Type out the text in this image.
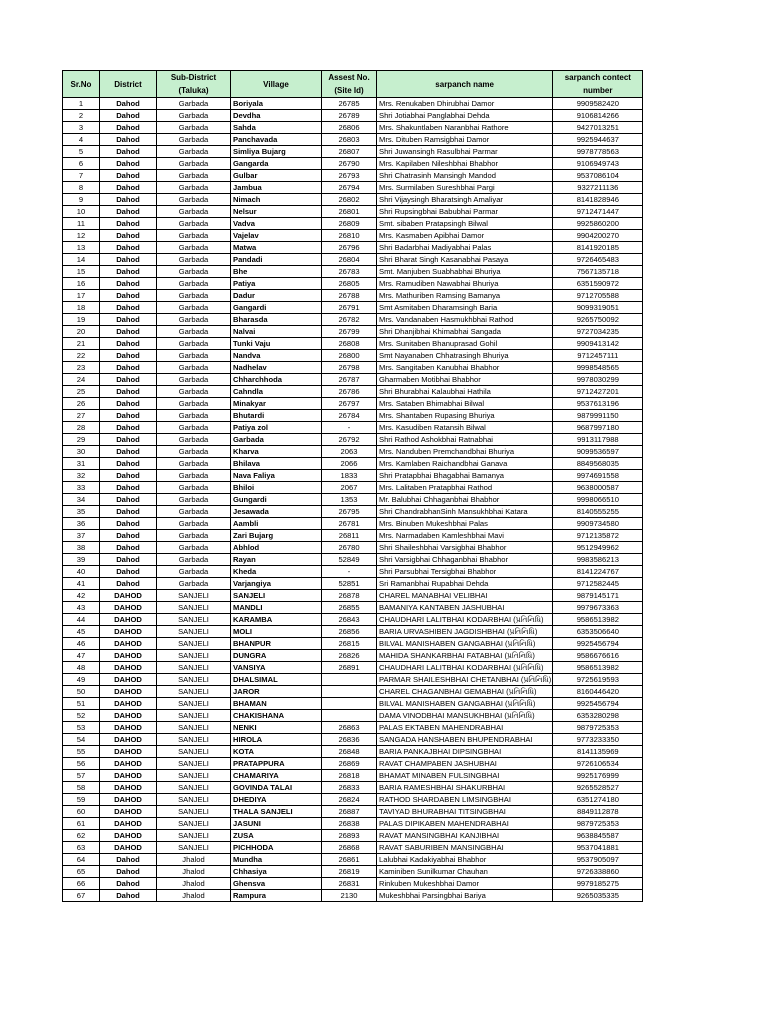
Sr.No	District	Sub-District (Taluka)	Village	Assest No. (Site Id)	sarpanch name	sarpanch contect number
1	Dahod	Garbada	Boriyala	26785	Mrs. Renukaben Dhirubhai Damor	9909582420
2	Dahod	Garbada	Devdha	26789	Shri Jotiabhai Panglabhai Dehda	9106814266
3	Dahod	Garbada	Sahda	26806	Mrs. Shakuntlaben Naranbhai Rathore	9427013251
4	Dahod	Garbada	Panchavada	26803	Mrs. Dituben Ramsigbhai Damor	9925944637
5	Dahod	Garbada	Simliya Bujarg	26807	Shri Juwansingh Rasulbhai Parmar	9978778563
6	Dahod	Garbada	Gangarda	26790	Mrs. Kapilaben Nileshbhai Bhabhor	9106949743
7	Dahod	Garbada	Gulbar	26793	Shri Chatrasinh Mansingh Mandod	9537086104
8	Dahod	Garbada	Jambua	26794	Mrs. Surmilaben Sureshbhai Pargi	9327211136
9	Dahod	Garbada	Nimach	26802	Shri Vijaysingh Bharatsingh Amaliyar	8141828946
10	Dahod	Garbada	Nelsur	26801	Shri Rupsingbhai Babubhai Parmar	9712471447
11	Dahod	Garbada	Vadva	26809	Smt. sibaben Pratapsingh Bilwal	9925860200
12	Dahod	Garbada	Vajelav	26810	Mrs. Kasmaben Apibhai Damor	9904200270
13	Dahod	Garbada	Matwa	26796	Shri Badarbhai Madiyabhai Palas	8141920185
14	Dahod	Garbada	Pandadi	26804	Shri Bharat Singh Kasanabhai Pasaya	9726465483
15	Dahod	Garbada	Bhe	26783	Smt. Manjuben Suabhabhai Bhuriya	7567135718
16	Dahod	Garbada	Patiya	26805	Mrs. Ramudiben Nawabhai Bhuriya	6351590972
17	Dahod	Garbada	Dadur	26788	Mrs. Mathuriben Ramsing Bamanya	9712705588
18	Dahod	Garbada	Gangardi	26791	Smt Asmitaben Dharamsingh Baria	9099319051
19	Dahod	Garbada	Bharasda	26782	Mrs. Vandanaben Hasmukhbhai Rathod	9265750092
20	Dahod	Garbada	Nalvai	26799	Shri Dhanjibhai Khimabhai Sangada	9727034235
21	Dahod	Garbada	Tunki Vaju	26808	Mrs. Sunitaben Bhanuprasad Gohil	9909413142
22	Dahod	Garbada	Nandva	26800	Smt Nayanaben Chhatrasingh Bhuriya	9712457111
23	Dahod	Garbada	Nadhelav	26798	Mrs. Sangitaben Kanubhai Bhabhor	9998548565
24	Dahod	Garbada	Chharchhoda	26787	Gharmaben Motibhai Bhabhor	9978030299
25	Dahod	Garbada	Cahndla	26786	Shri Bhurabhai Kalaubhai Hathila	9712427201
26	Dahod	Garbada	Minakyar	26797	Mrs. Sataben Bhimabhai Bilwal	9537613196
27	Dahod	Garbada	Bhutardi	26784	Mrs. Shantaben Rupasing Bhuriya	9879991150
28	Dahod	Garbada	Patiya zol	-	Mrs. Kasudiben Ratansih Bilwal	9687997180
29	Dahod	Garbada	Garbada	26792	Shri Rathod Ashokbhai Ratnabhai	9913117988
30	Dahod	Garbada	Kharva	2063	Mrs. Nanduben Premchandbhai Bhuriya	9099536597
31	Dahod	Garbada	Bhilava	2066	Mrs. Kamlaben Raichandbhai Ganava	8849568035
32	Dahod	Garbada	Nava Faliya	1833	Shri Pratapbhai Bhagabhai Bamanya	9974691558
33	Dahod	Garbada	Bhiloi	2067	Mrs. Lalitaben Pratapbhai Rathod	9638000587
34	Dahod	Garbada	Gungardi	1353	Mr. Balubhai Chhaganbhai Bhabhor	9998066510
35	Dahod	Garbada	Jesawada	26795	Shri ChandrabhanSinh Mansukhbhai Katara	8140555255
36	Dahod	Garbada	Aambli	26781	Mrs. Binuben Mukeshbhai Palas	9909734580
37	Dahod	Garbada	Zari Bujarg	26811	Mrs. Narmadaben Kamleshbhai Mavi	9712135872
38	Dahod	Garbada	Abhlod	26780	Shri Shaileshbhai Varsigbhai Bhabhor	9512949962
39	Dahod	Garbada	Rayan	52849	Shri Varsigbhai Chhaganbhai Bhabhor	9983586213
40	Dahod	Garbada	Kheda	-	Shri Parsubhai Tersigbhai Bhabhor	8141224767
41	Dahod	Garbada	Varjangiya	52851	Sri Ramanbhai Rupabhai Dehda	9712582445
42	DAHOD	SANJELI	SANJELI	26878	CHAREL MANABHAI VELIBHAI	9879145171
43	DAHOD	SANJELI	MANDLI	26855	BAMANIYA KANTABEN JASHUBHAI	9979673363
44	DAHOD	SANJELI	KARAMBA	26843	CHAUDHARI LALITBHAI KODARBHAI (પ્રતિનિધિ)	9586513982
45	DAHOD	SANJELI	MOLI	26856	BARIA URVASHIBEN JAGDISHBHAI (પ્રતિનિધિ)	6353506640
46	DAHOD	SANJELI	BHANPUR	26815	BILVAL MANISHABEN GANGABHAI (પ્રતિનિધિ)	9925456794
47	DAHOD	SANJELI	DUNGRA	26826	MAHIDA SHANKARBHAI FATABHAI (પ્રતિનિધિ)	9586676616
48	DAHOD	SANJELI	VANSIYA	26891	CHAUDHARI LALITBHAI KODARBHAI (પ્રતિનિધિ)	9586513982
49	DAHOD	SANJELI	DHALSIMAL		PARMAR SHAILESHBHAI CHETANBHAI (પ્રતિનિધિ)	9725619593
50	DAHOD	SANJELI	JAROR		CHAREL CHAGANBHAI GEMABHAI (પ્રતિનિધિ)	8160446420
51	DAHOD	SANJELI	BHAMAN		BILVAL MANISHABEN GANGABHAI (પ્રતિનિધિ)	9925456794
52	DAHOD	SANJELI	CHAKISHANA		DAMA VINODBHAI MANSUKHBHAI (પ્રતિનિધિ)	6353280298
53	DAHOD	SANJELI	NENKI	26863	PALAS EKTABEN MAHENDRABHAI	9879725353
54	DAHOD	SANJELI	HIROLA	26836	SANGADA HANSHABEN BHUPENDRABHAI	9773233350
55	DAHOD	SANJELI	KOTA	26848	BARIA PANKAJBHAI DIPSINGBHAI	8141135969
56	DAHOD	SANJELI	PRATAPPURA	26869	RAVAT CHAMPABEN JASHUBHAI	9726106534
57	DAHOD	SANJELI	CHAMARIYA	26818	BHAMAT MINABEN FULSINGBHAI	9925176999
58	DAHOD	SANJELI	GOVINDA TALAI	26833	BARIA RAMESHBHAI SHAKURBHAI	9265528527
59	DAHOD	SANJELI	DHEDIYA	26824	RATHOD SHARDABEN LIMSINGBHAI	6351274180
60	DAHOD	SANJELI	THALA SANJELI	26887	TAVIYAD BHURABHAI TITSINGBHAI	8849112878
61	DAHOD	SANJELI	JASUNI	26838	PALAS DIPIKABEN MAHENDRABHAI	9879725353
62	DAHOD	SANJELI	ZUSA	26893	RAVAT MANSINGBHAI KANJIBHAI	9638845587
63	DAHOD	SANJELI	PICHHODA	26868	RAVAT SABURIBEN MANSINGBHAI	9537041881
64	Dahod	Jhalod	Mundha	26861	Lalubhai Kadakiyabhai Bhabhor	9537905097
65	Dahod	Jhalod	Chhasiya	26819	Kaminiben Sunilkumar Chauhan	9726338860
66	Dahod	Jhalod	Ghensva	26831	Rinkuben Mukeshbhai Damor	9979185275
67	Dahod	Jhalod	Rampura	2130	Mukeshbhai Parsingbhai Bariya	9265035335
